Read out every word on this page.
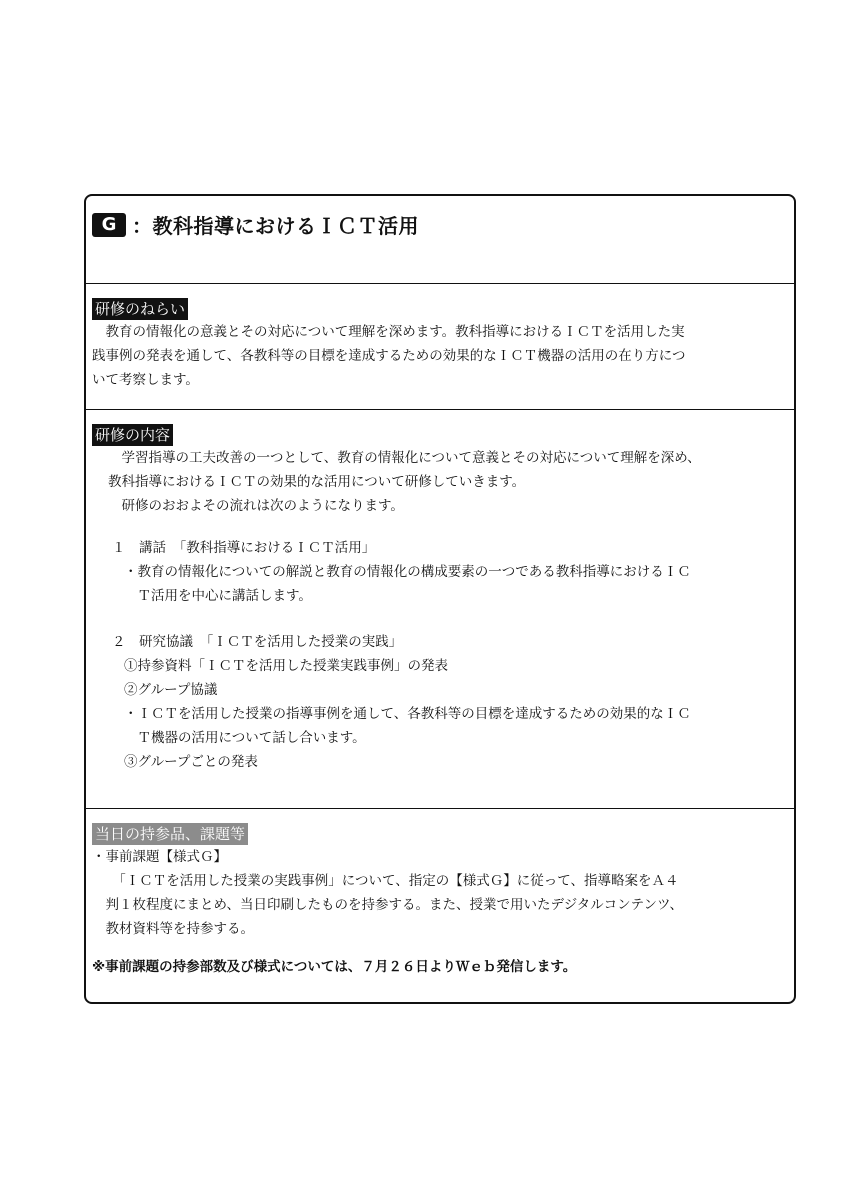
G ：教科指導におけるＩＣＴ活用
研修のねらい

　教育の情報化の意義とその対応について理解を深めます。教科指導におけるＩＣＴを活用した実

践事例の発表を通して、各教科等の目標を達成するための効果的なＩＣＴ機器の活用の在り方につ

いて考察します。

研修の内容

　学習指導の工夫改善の一つとして、教育の情報化について意義とその対応について理解を深め、

教科指導におけるＩＣＴの効果的な活用について研修していきます。

　研修のおおよその流れは次のようになります。

１　講話　「教科指導におけるＩＣＴ活用」

・教育の情報化についての解説と教育の情報化の構成要素の一つである教科指導におけるＩＣ

　Ｔ活用を中心に講話します。

２　研究協議　「ＩＣＴを活用した授業の実践」

①持参資料「ＩＣＴを活用した授業実践事例」の発表

②グループ協議

・ＩＣＴを活用した授業の指導事例を通して、各教科等の目標を達成するための効果的なＩＣ

　Ｔ機器の活用について話し合います。

③グループごとの発表

当日の持参品、課題等

・事前課題【様式Ｇ】

　　「ＩＣＴを活用した授業の実践事例」について、指定の【様式Ｇ】に従って、指導略案をＡ４

　判１枚程度にまとめ、当日印刷したものを持参する。また、授業で用いたデジタルコンテンツ、

　教材資料等を持参する。

※事前課題の持参部数及び様式については、７月２６日よりＷｅｂ発信します。
